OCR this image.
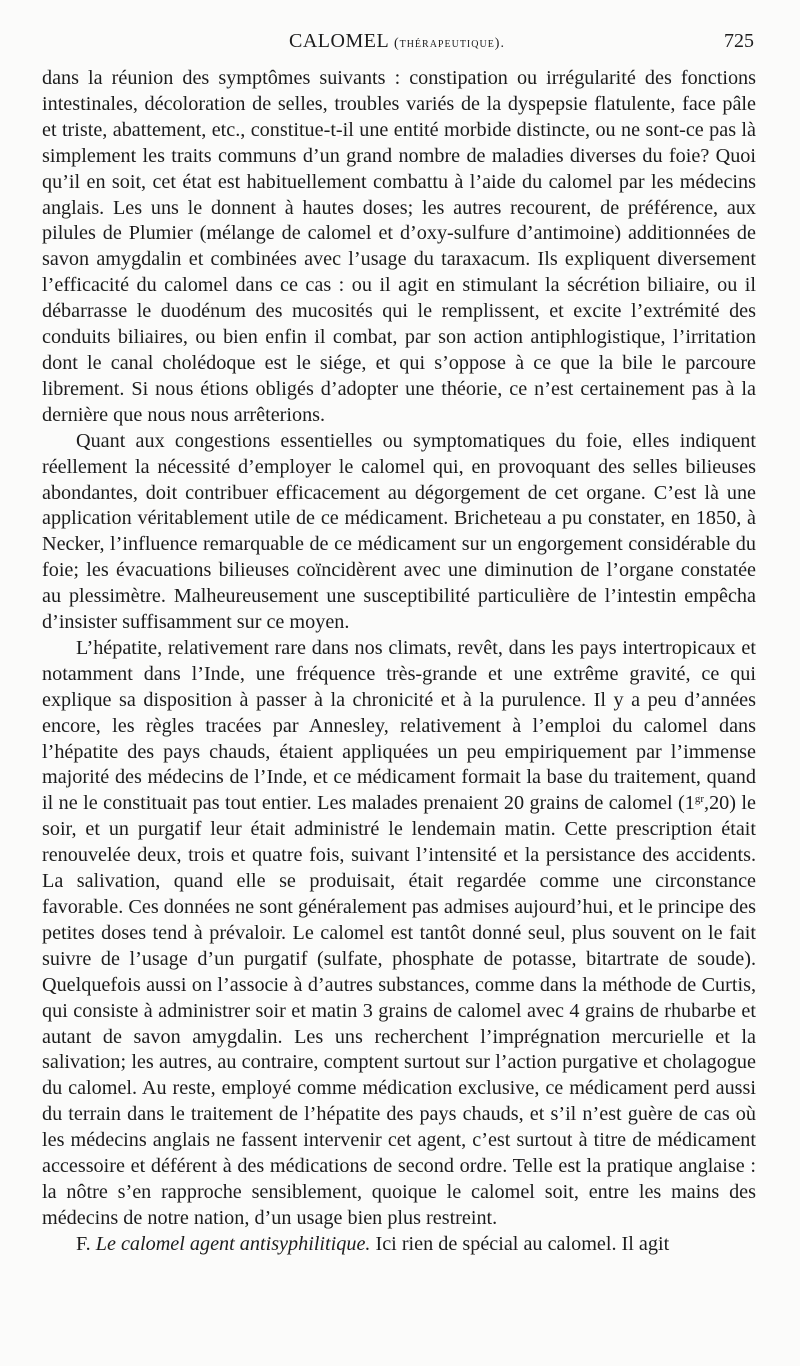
CALOMEL (thérapeutique).	725

dans la réunion des symptômes suivants : constipation ou irrégularité des fonctions intestinales, décoloration de selles, troubles variés de la dyspepsie flatulente, face pâle et triste, abattement, etc., constitue-t-il une entité morbide distincte, ou ne sont-ce pas là simplement les traits communs d’un grand nombre de maladies diverses du foie? Quoi qu’il en soit, cet état est habituellement combattu à l’aide du calomel par les médecins anglais. Les uns le donnent à hautes doses; les autres recourent, de préférence, aux pilules de Plumier (mélange de calomel et d’oxy-sulfure d’antimoine) additionnées de savon amygdalin et combinées avec l’usage du taraxacum. Ils expliquent diversement l’efficacité du calomel dans ce cas : ou il agit en stimulant la sécrétion biliaire, ou il débarrasse le duodénum des mucosités qui le remplissent, et excite l’extrémité des conduits biliaires, ou bien enfin il combat, par son action antiphlogistique, l’irritation dont le canal cholédoque est le siége, et qui s’oppose à ce que la bile le parcoure librement. Si nous étions obligés d’adopter une théorie, ce n’est certainement pas à la dernière que nous nous arrêterions.

Quant aux congestions essentielles ou symptomatiques du foie, elles indiquent réellement la nécessité d’employer le calomel qui, en provoquant des selles bilieuses abondantes, doit contribuer efficacement au dégorgement de cet organe. C’est là une application véritablement utile de ce médicament. Bricheteau a pu constater, en 1850, à Necker, l’influence remarquable de ce médicament sur un engorgement considérable du foie; les évacuations bilieuses coïncidèrent avec une diminution de l’organe constatée au plessimètre. Malheureusement une susceptibilité particulière de l’intestin empêcha d’insister suffisamment sur ce moyen.

L’hépatite, relativement rare dans nos climats, revêt, dans les pays intertropicaux et notamment dans l’Inde, une fréquence très-grande et une extrême gravité, ce qui explique sa disposition à passer à la chronicité et à la purulence. Il y a peu d’années encore, les règles tracées par Annesley, relativement à l’emploi du calomel dans l’hépatite des pays chauds, étaient appliquées un peu empiriquement par l’immense majorité des médecins de l’Inde, et ce médicament formait la base du traitement, quand il ne le constituait pas tout entier. Les malades prenaient 20 grains de calomel $(1^{gr},20)$ le soir, et un purgatif leur était administré le lendemain matin. Cette prescription était renouvelée deux, trois et quatre fois, suivant l’intensité et la persistance des accidents. La salivation, quand elle se produisait, était regardée comme une circonstance favorable. Ces données ne sont généralement pas admises aujourd’hui, et le principe des petites doses tend à prévaloir. Le calomel est tantôt donné seul, plus souvent on le fait suivre de l’usage d’un purgatif (sulfate, phosphate de potasse, bitartrate de soude). Quelquefois aussi on l’associe à d’autres substances, comme dans la méthode de Curtis, qui consiste à administrer soir et matin 3 grains de calomel avec 4 grains de rhubarbe et autant de savon amygdalin. Les uns recherchent l’imprégnation mercurielle et la salivation; les autres, au contraire, comptent surtout sur l’action purgative et cholagogue du calomel. Au reste, employé comme médication exclusive, ce médicament perd aussi du terrain dans le traitement de l’hépatite des pays chauds, et s’il n’est guère de cas où les médecins anglais ne fassent intervenir cet agent, c’est surtout à titre de médicament accessoire et déférent à des médications de second ordre. Telle est la pratique anglaise : la nôtre s’en rapproche sensiblement, quoique le calomel soit, entre les mains des médecins de notre nation, d’un usage bien plus restreint.

F. Le calomel agent antisyphilitique. Ici rien de spécial au calomel. Il agit
